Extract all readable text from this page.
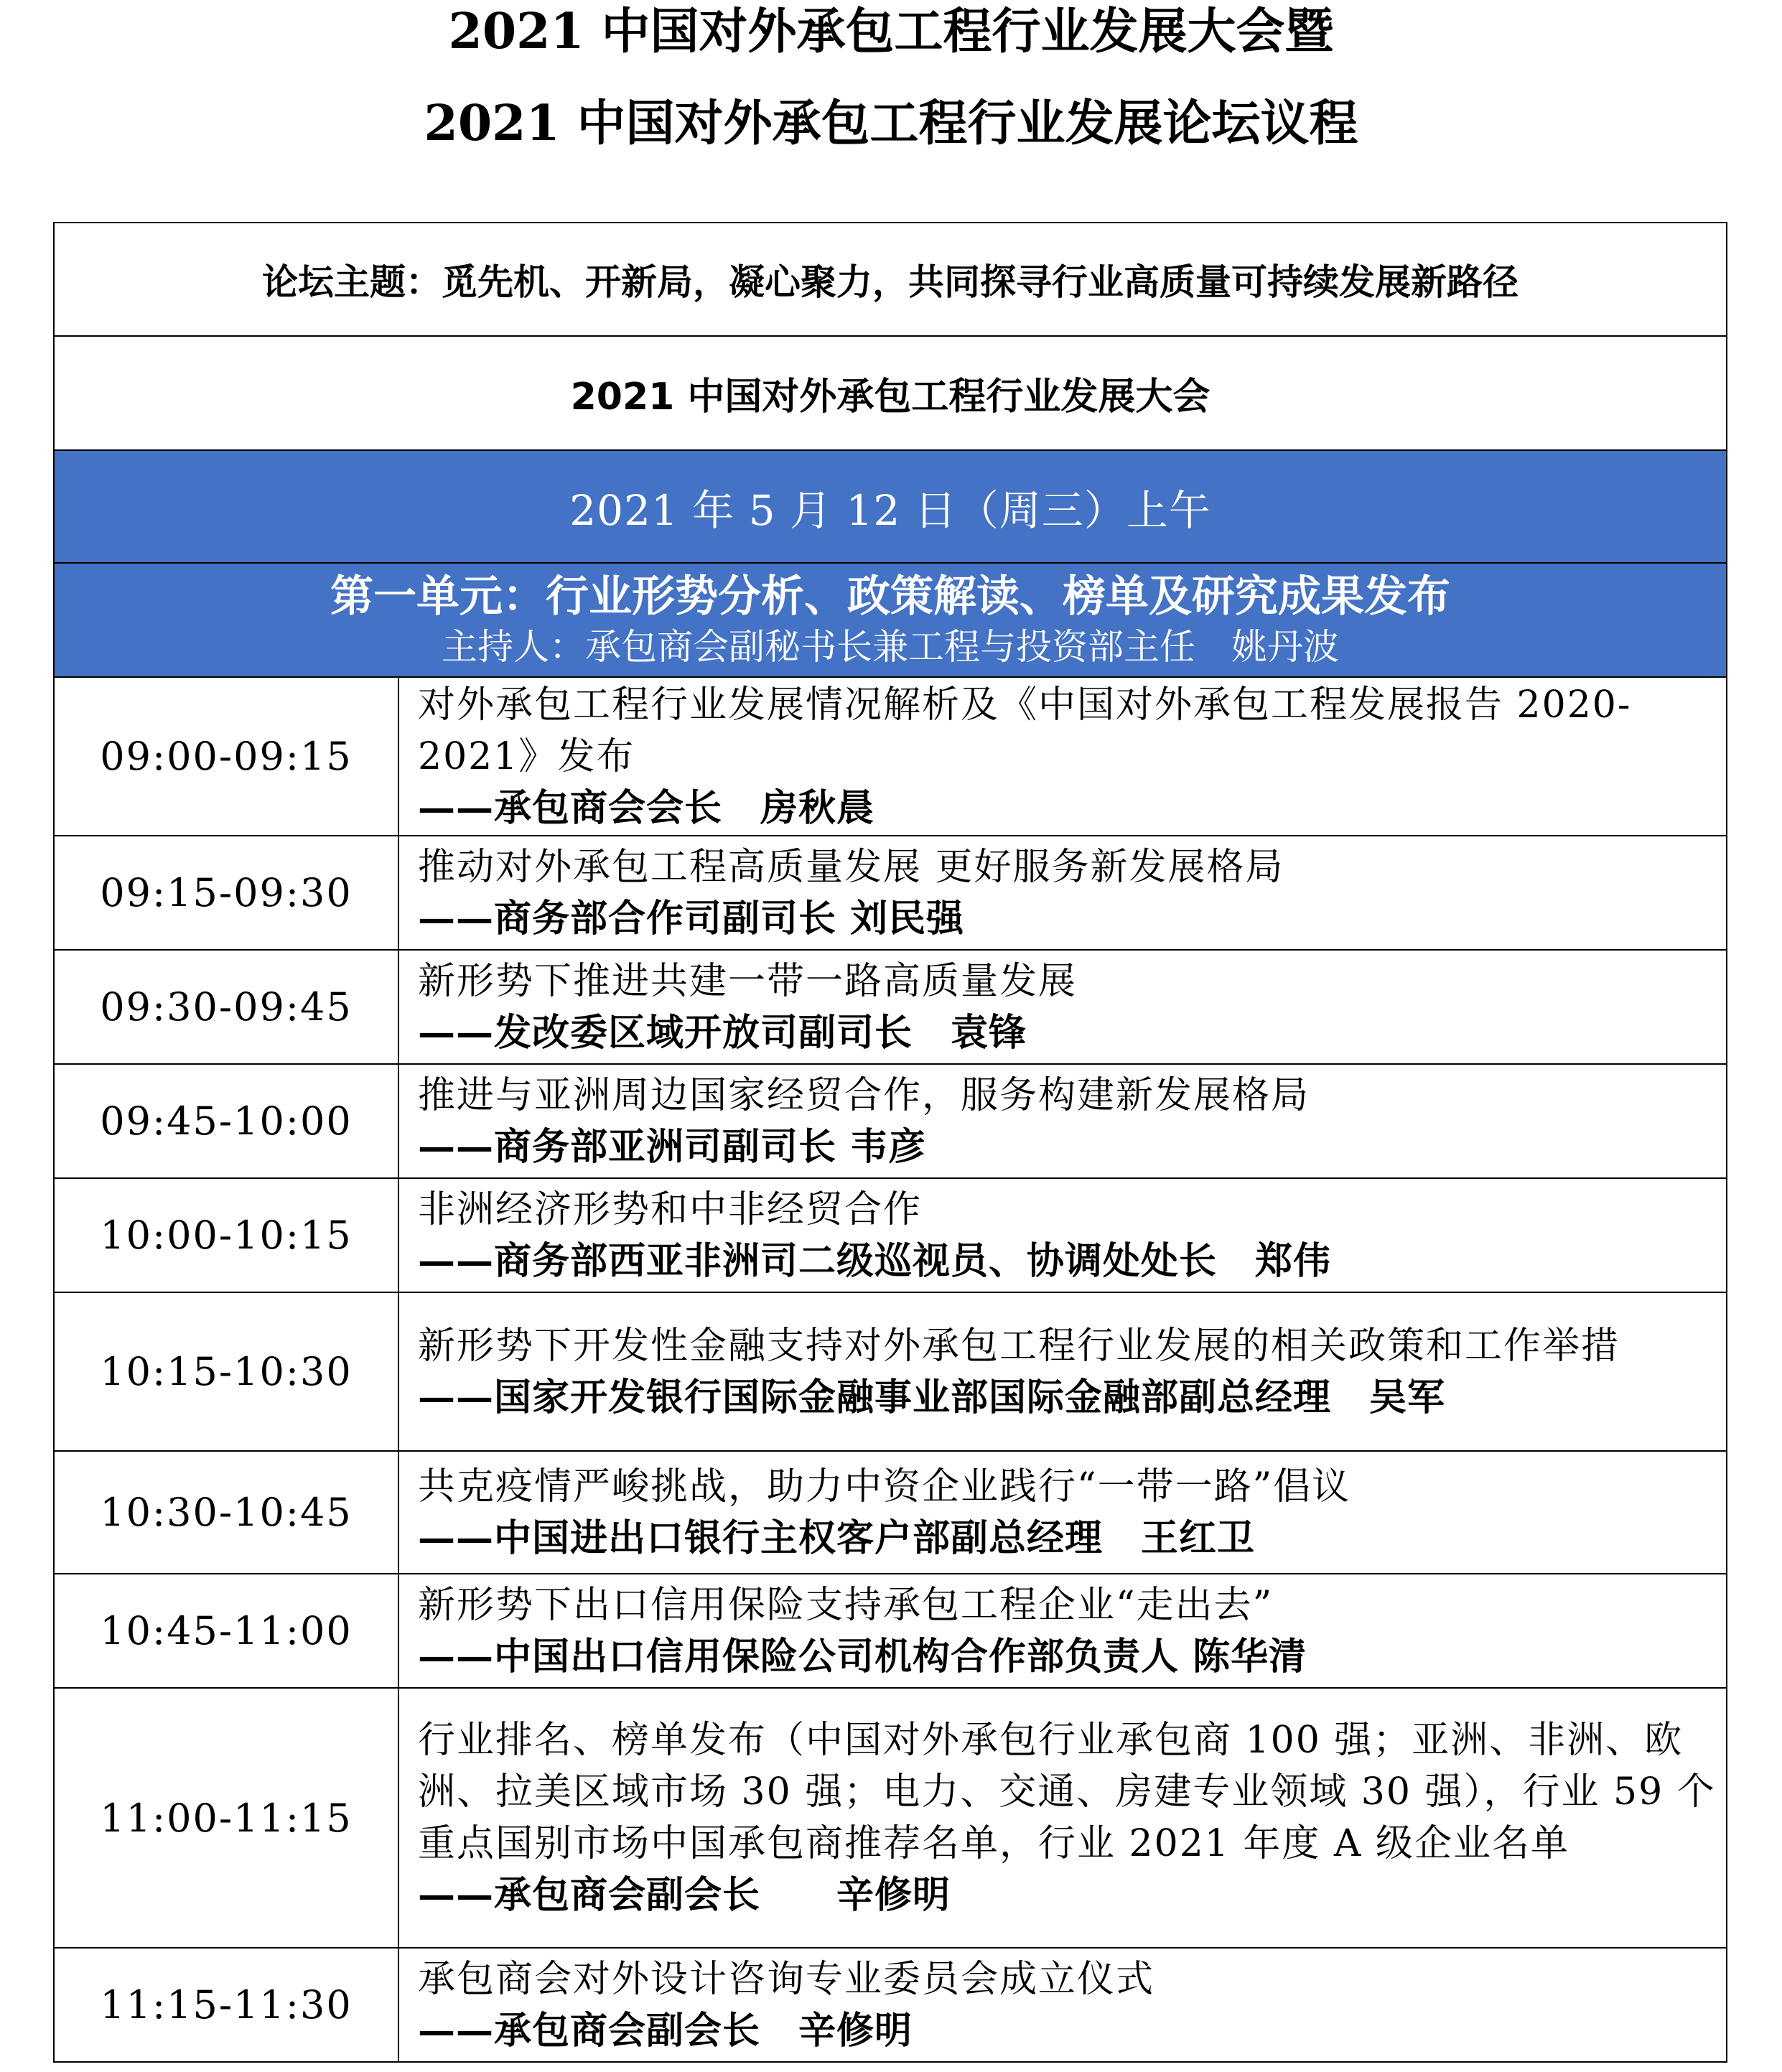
2021 中国对外承包工程行业发展大会暨
2021 中国对外承包工程行业发展论坛议程
论坛主题：觅先机、开新局，凝心聚力，共同探寻行业高质量可持续发展新路径	
2021 中国对外承包工程行业发展大会	
2021 年 5 月 12 日（周三）上午	

第一单元：行业形势分析、政策解读、榜单及研究成果发布
主持人：承包商会副秘书长兼工程与投资部主任　姚丹波	

09:00-09:15	对外承包工程行业发展情况解析及《中国对外承包工程发展报告 2020-2021》发布
——承包商会会长　房秋晨

09:15-09:30	推动对外承包工程高质量发展 更好服务新发展格局
——商务部合作司副司长 刘民强

09:30-09:45	新形势下推进共建一带一路高质量发展
——发改委区域开放司副司长　袁锋

09:45-10:00	推进与亚洲周边国家经贸合作，服务构建新发展格局
——商务部亚洲司副司长 韦彦

10:00-10:15	非洲经济形势和中非经贸合作
——商务部西亚非洲司二级巡视员、协调处处长　郑伟

10:15-10:30	新形势下开发性金融支持对外承包工程行业发展的相关政策和工作举措
——国家开发银行国际金融事业部国际金融部副总经理　吴军

10:30-10:45	共克疫情严峻挑战，助力中资企业践行“一带一路”倡议
——中国进出口银行主权客户部副总经理　王红卫

10:45-11:00	新形势下出口信用保险支持承包工程企业“走出去”
——中国出口信用保险公司机构合作部负责人 陈华清

11:00-11:15	行业排名、榜单发布（中国对外承包行业承包商 100 强；亚洲、非洲、欧洲、拉美区域市场 30 强；电力、交通、房建专业领域 30 强），行业 59 个重点国别市场中国承包商推荐名单，行业 2021 年度 A 级企业名单
——承包商会副会长　　辛修明

11:15-11:30	承包商会对外设计咨询专业委员会成立仪式
——承包商会副会长　辛修明
